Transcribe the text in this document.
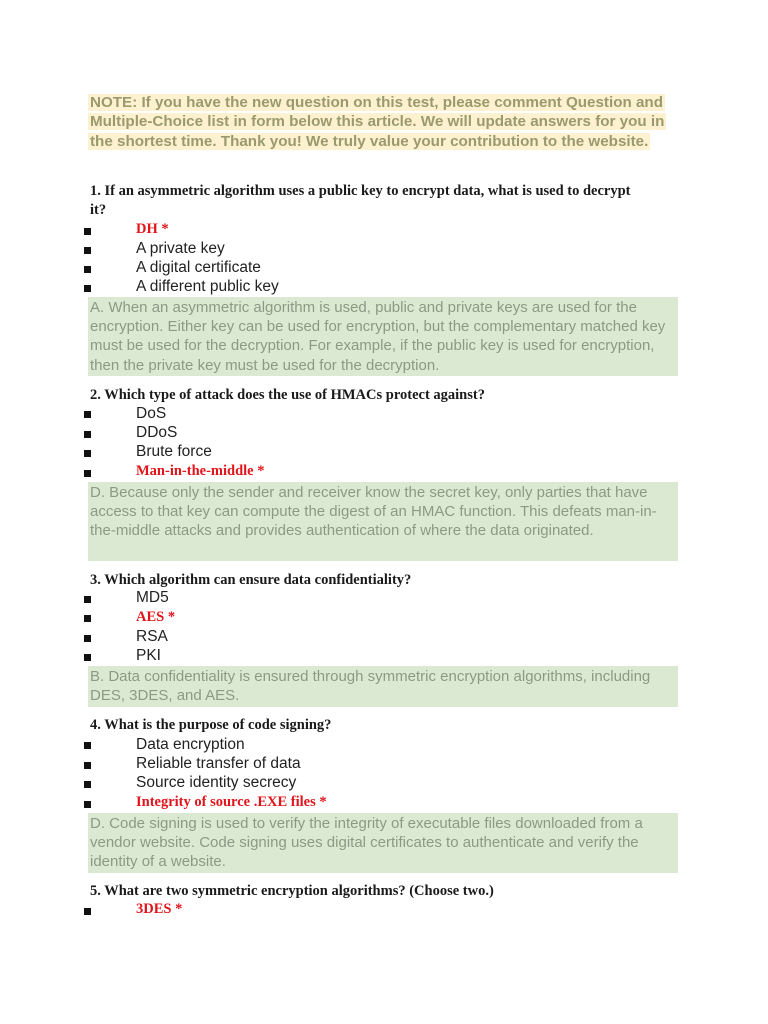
NOTE: If you have the new question on this test, please comment Question and Multiple-Choice list in form below this article. We will update answers for you in the shortest time. Thank you! We truly value your contribution to the website.
1. If an asymmetric algorithm uses a public key to encrypt data, what is used to decrypt it?
DH *
A private key
A digital certificate
A different public key
A. When an asymmetric algorithm is used, public and private keys are used for the encryption. Either key can be used for encryption, but the complementary matched key must be used for the decryption. For example, if the public key is used for encryption, then the private key must be used for the decryption.
2. Which type of attack does the use of HMACs protect against?
DoS
DDoS
Brute force
Man-in-the-middle *
D. Because only the sender and receiver know the secret key, only parties that have access to that key can compute the digest of an HMAC function. This defeats man-in-the-middle attacks and provides authentication of where the data originated.
3. Which algorithm can ensure data confidentiality?
MD5
AES *
RSA
PKI
B. Data confidentiality is ensured through symmetric encryption algorithms, including DES, 3DES, and AES.
4. What is the purpose of code signing?
Data encryption
Reliable transfer of data
Source identity secrecy
Integrity of source .EXE files *
D. Code signing is used to verify the integrity of executable files downloaded from a vendor website. Code signing uses digital certificates to authenticate and verify the identity of a website.
5. What are two symmetric encryption algorithms? (Choose two.)
3DES *
